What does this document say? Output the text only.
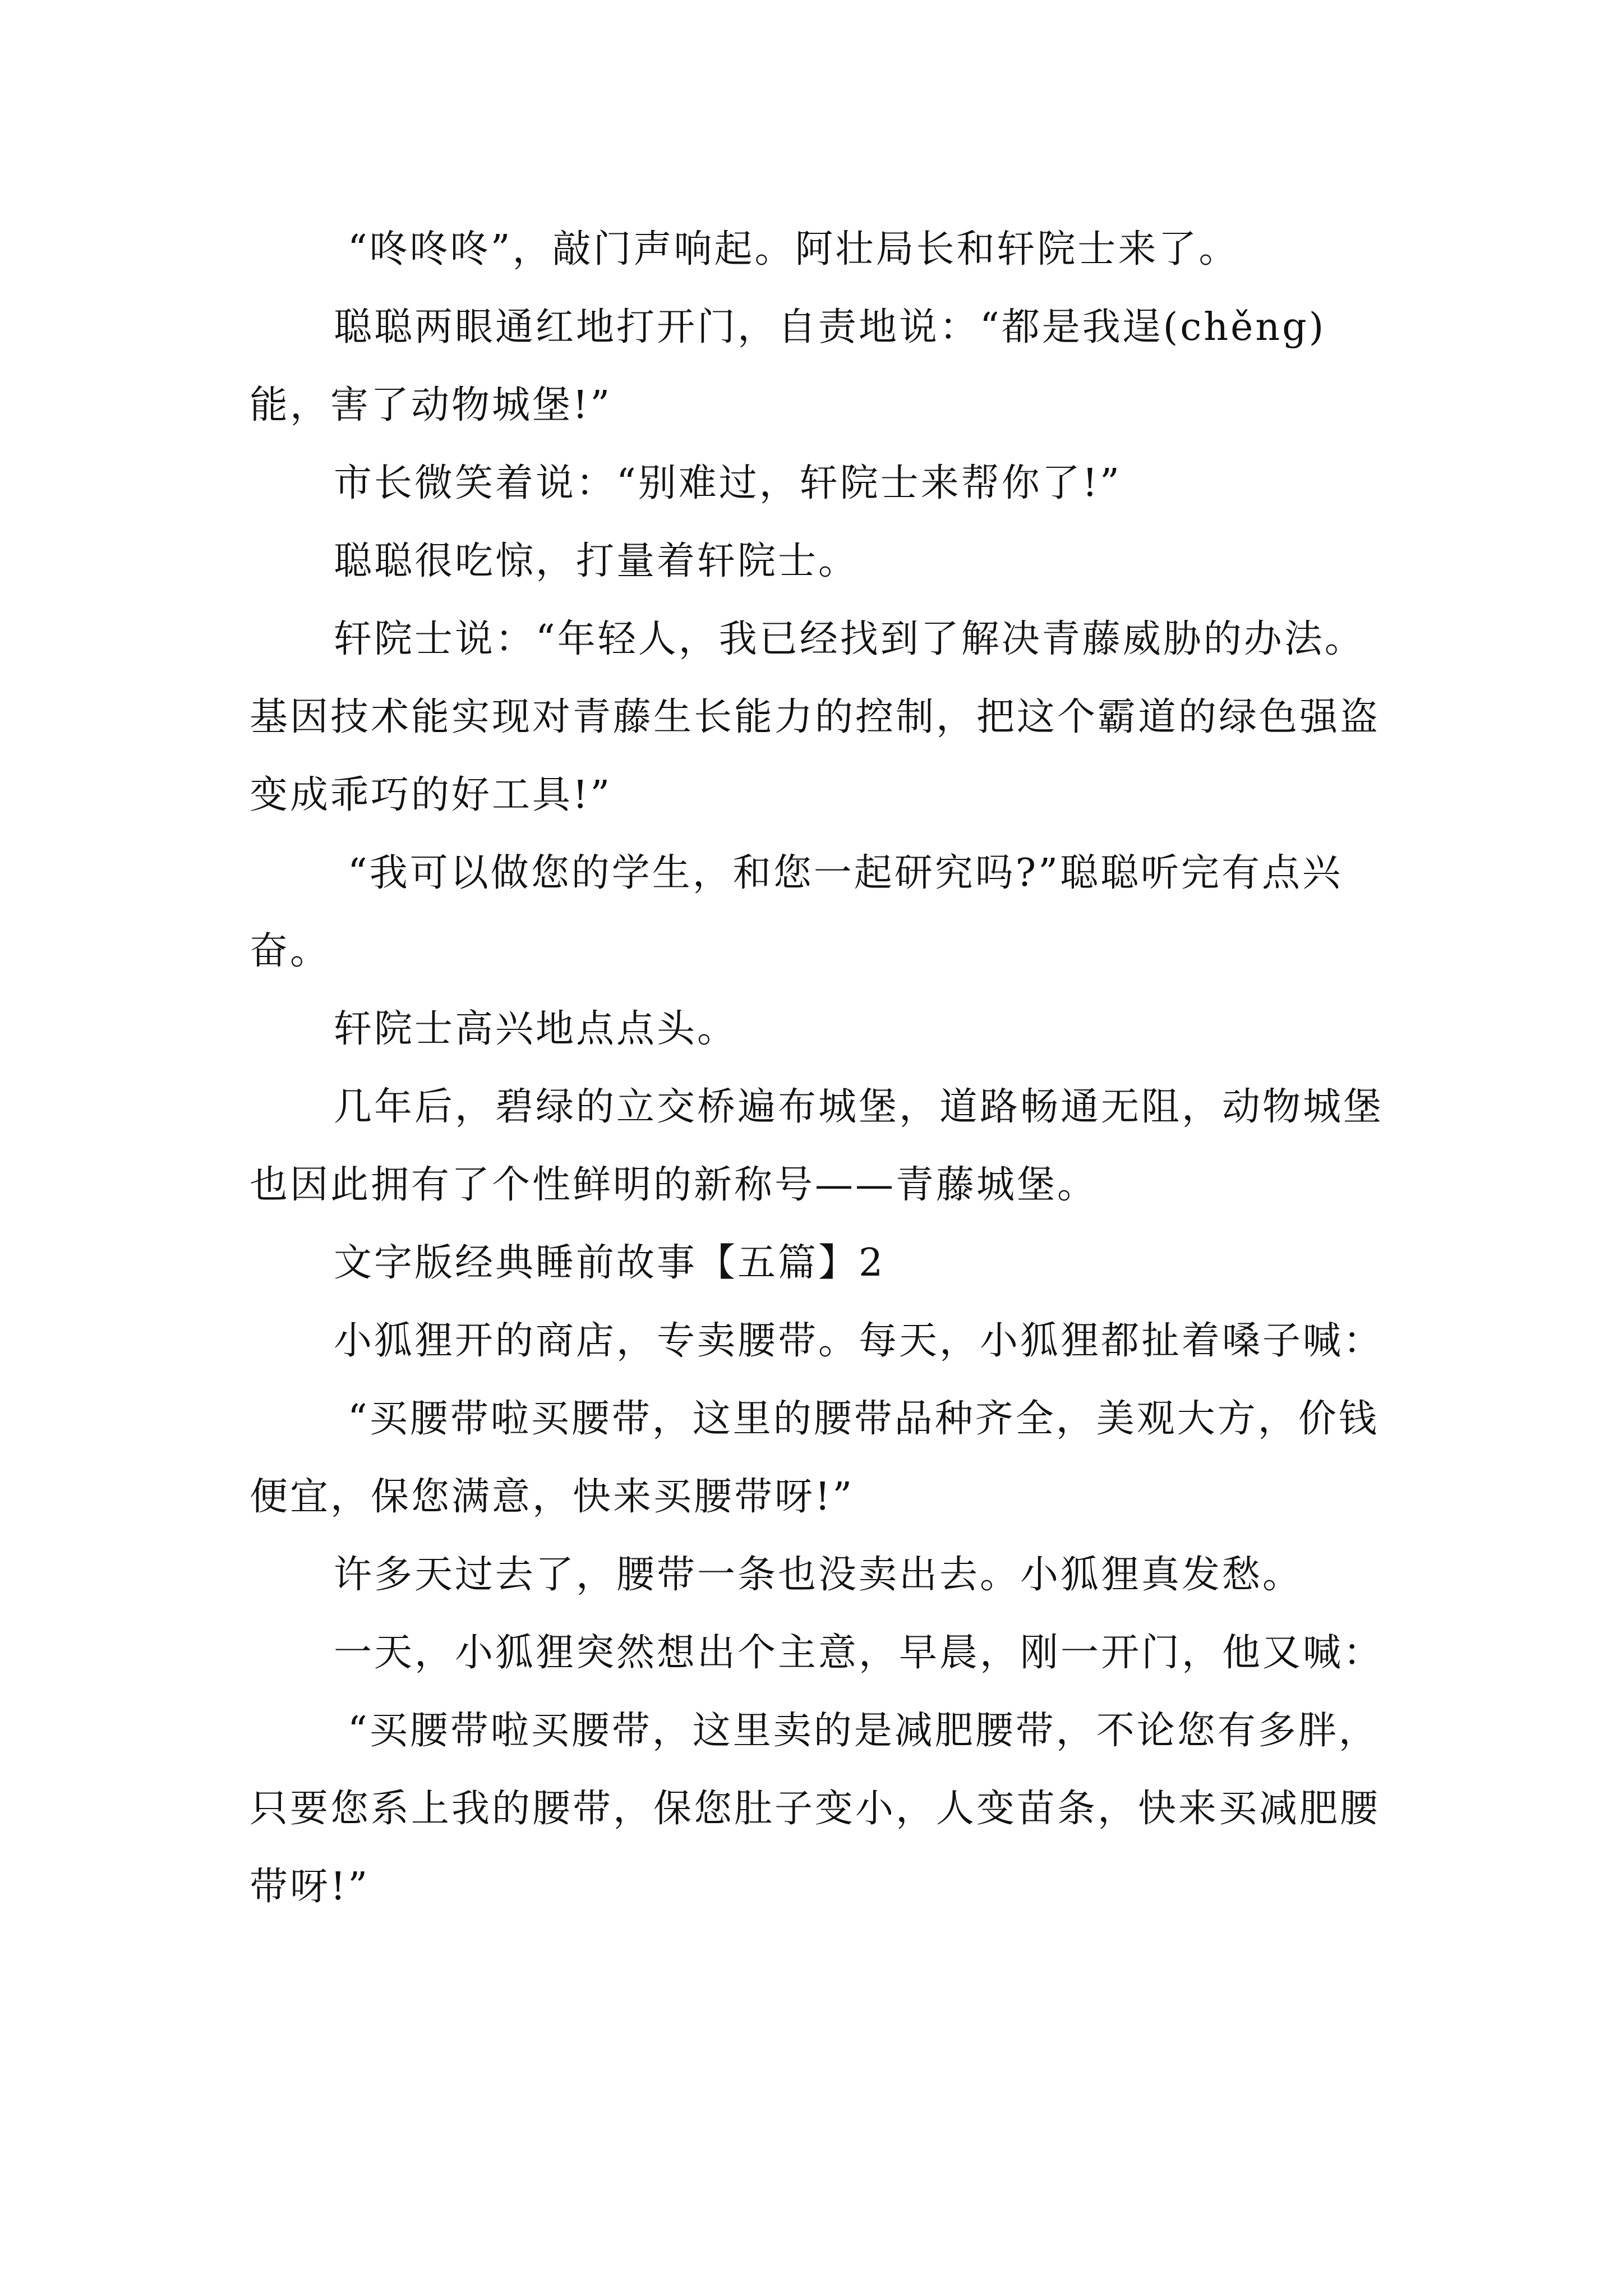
“咚咚咚”，敲门声响起。阿壮局长和轩院士来了。

聪聪两眼通红地打开门，自责地说：“都是我逞(chěng)能，害了动物城堡!”

市长微笑着说：“别难过，轩院士来帮你了!”

聪聪很吃惊，打量着轩院士。

轩院士说：“年轻人，我已经找到了解决青藤威胁的办法。基因技术能实现对青藤生长能力的控制，把这个霸道的绿色强盗变成乖巧的好工具!”

“我可以做您的学生，和您一起研究吗?”聪聪听完有点兴奋。

轩院士高兴地点点头。

几年后，碧绿的立交桥遍布城堡，道路畅通无阻，动物城堡也因此拥有了个性鲜明的新称号——青藤城堡。

文字版经典睡前故事【五篇】2

小狐狸开的商店，专卖腰带。每天，小狐狸都扯着嗓子喊：

“买腰带啦买腰带，这里的腰带品种齐全，美观大方，价钱便宜，保您满意，快来买腰带呀!”

许多天过去了，腰带一条也没卖出去。小狐狸真发愁。

一天，小狐狸突然想出个主意，早晨，刚一开门，他又喊：

“买腰带啦买腰带，这里卖的是减肥腰带，不论您有多胖，只要您系上我的腰带，保您肚子变小，人变苗条，快来买减肥腰带呀!”
